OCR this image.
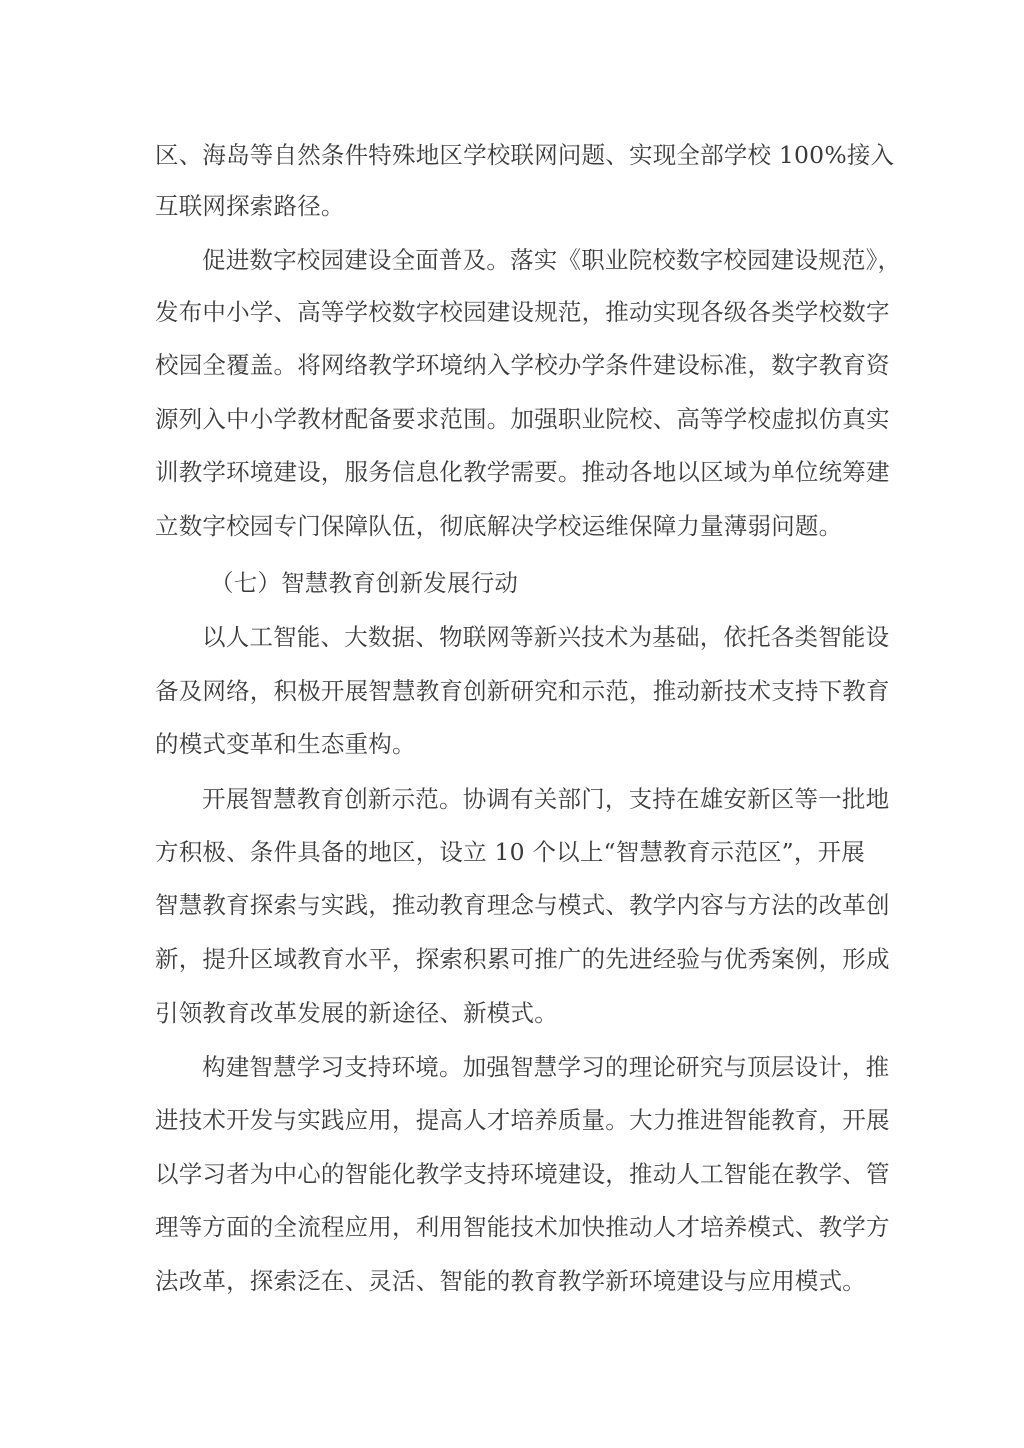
区、海岛等自然条件特殊地区学校联网问题、实现全部学校 100%接入
互联网探索路径。
促进数字校园建设全面普及。落实《职业院校数字校园建设规范》，
发布中小学、高等学校数字校园建设规范，推动实现各级各类学校数字
校园全覆盖。将网络教学环境纳入学校办学条件建设标准，数字教育资
源列入中小学教材配备要求范围。加强职业院校、高等学校虚拟仿真实
训教学环境建设，服务信息化教学需要。推动各地以区域为单位统筹建
立数字校园专门保障队伍，彻底解决学校运维保障力量薄弱问题。
（七）智慧教育创新发展行动
以人工智能、大数据、物联网等新兴技术为基础，依托各类智能设
备及网络，积极开展智慧教育创新研究和示范，推动新技术支持下教育
的模式变革和生态重构。
开展智慧教育创新示范。协调有关部门，支持在雄安新区等一批地
方积极、条件具备的地区，设立 10 个以上“智慧教育示范区”，开展
智慧教育探索与实践，推动教育理念与模式、教学内容与方法的改革创
新，提升区域教育水平，探索积累可推广的先进经验与优秀案例，形成
引领教育改革发展的新途径、新模式。
构建智慧学习支持环境。加强智慧学习的理论研究与顶层设计，推
进技术开发与实践应用，提高人才培养质量。大力推进智能教育，开展
以学习者为中心的智能化教学支持环境建设，推动人工智能在教学、管
理等方面的全流程应用，利用智能技术加快推动人才培养模式、教学方
法改革，探索泛在、灵活、智能的教育教学新环境建设与应用模式。
